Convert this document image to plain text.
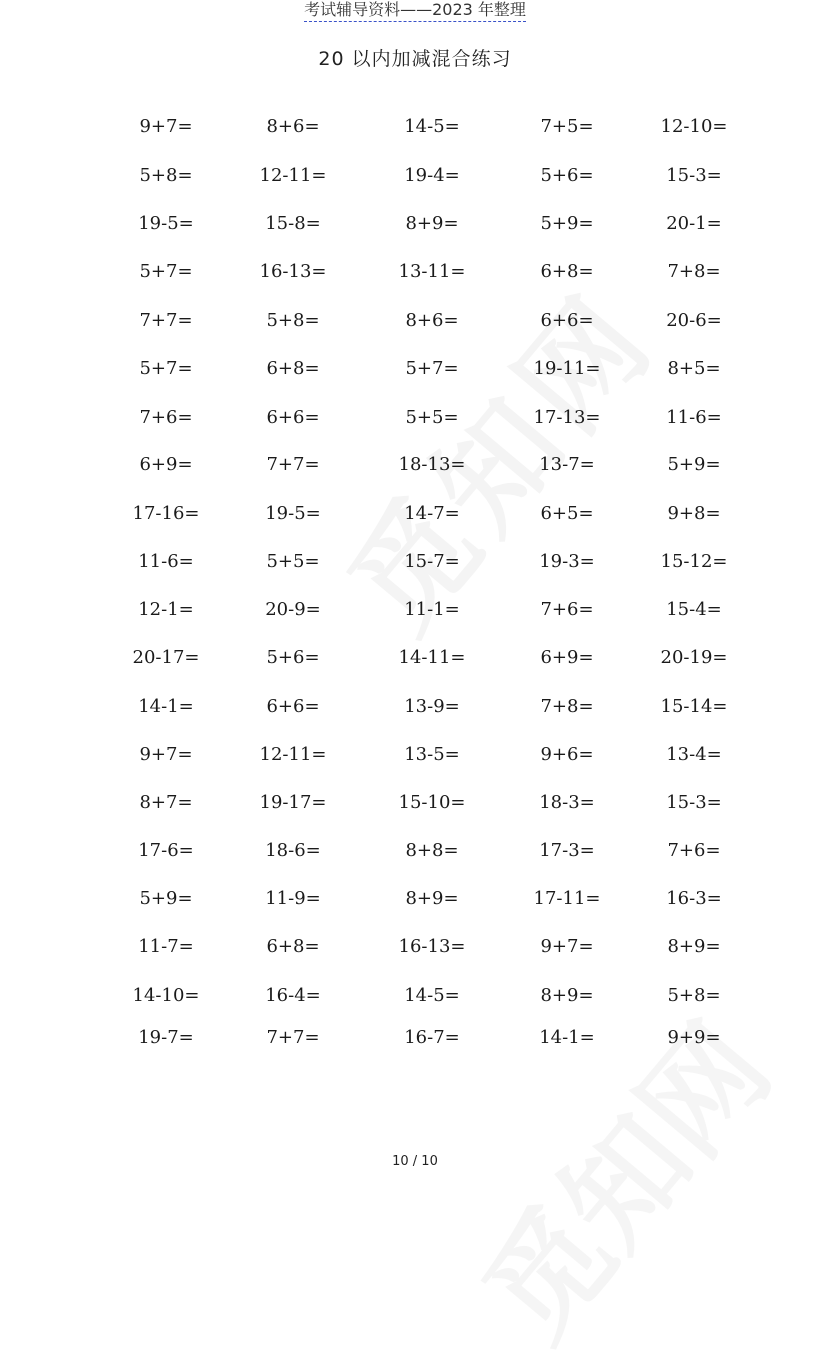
考试辅导资料——2023 年整理
20 以内加减混合练习
9+7=	8+6=	14-5=	7+5=	12-10=
5+8=	12-11=	19-4=	5+6=	15-3=
19-5=	15-8=	8+9=	5+9=	20-1=
5+7=	16-13=	13-11=	6+8=	7+8=
7+7=	5+8=	8+6=	6+6=	20-6=
5+7=	6+8=	5+7=	19-11=	8+5=
7+6=	6+6=	5+5=	17-13=	11-6=
6+9=	7+7=	18-13=	13-7=	5+9=
17-16=	19-5=	14-7=	6+5=	9+8=
11-6=	5+5=	15-7=	19-3=	15-12=
12-1=	20-9=	11-1=	7+6=	15-4=
20-17=	5+6=	14-11=	6+9=	20-19=
14-1=	6+6=	13-9=	7+8=	15-14=
9+7=	12-11=	13-5=	9+6=	13-4=
8+7=	19-17=	15-10=	18-3=	15-3=
17-6=	18-6=	8+8=	17-3=	7+6=
5+9=	11-9=	8+9=	17-11=	16-3=
11-7=	6+8=	16-13=	9+7=	8+9=
14-10=	16-4=	14-5=	8+9=	5+8=
19-7=	7+7=	16-7=	14-1=	9+9=
10 / 10
